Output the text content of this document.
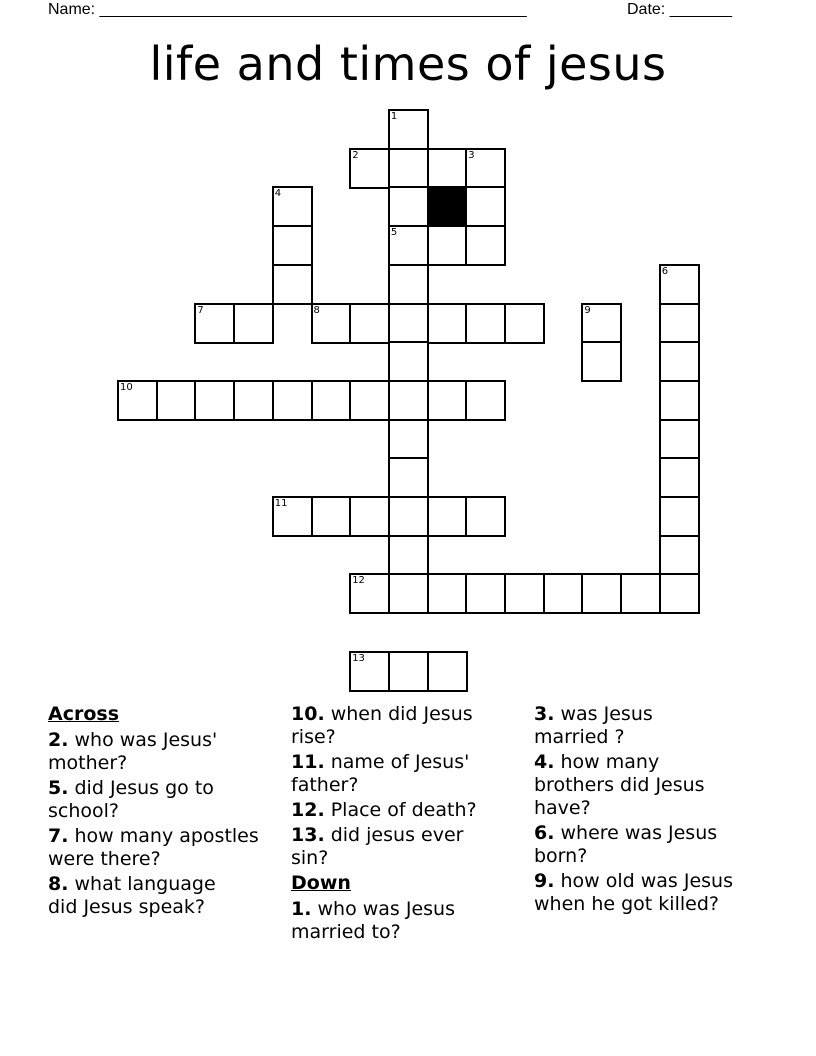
Name: ________________________________________________	Date: _______
life and times of jesus
1
5
2	3
4
6
7	8	9
10
11
12
13
Across
2. who was Jesus' mother?
5. did Jesus go to school?
7. how many apostles were there?
8. what language did Jesus speak?
10. when did Jesus rise?
11. name of Jesus' father?
12. Place of death?
13. did jesus ever sin?
Down
1. who was Jesus married to?
3. was Jesus married ?
4. how many brothers did Jesus have?
6. where was Jesus born?
9. how old was Jesus when he got killed?
